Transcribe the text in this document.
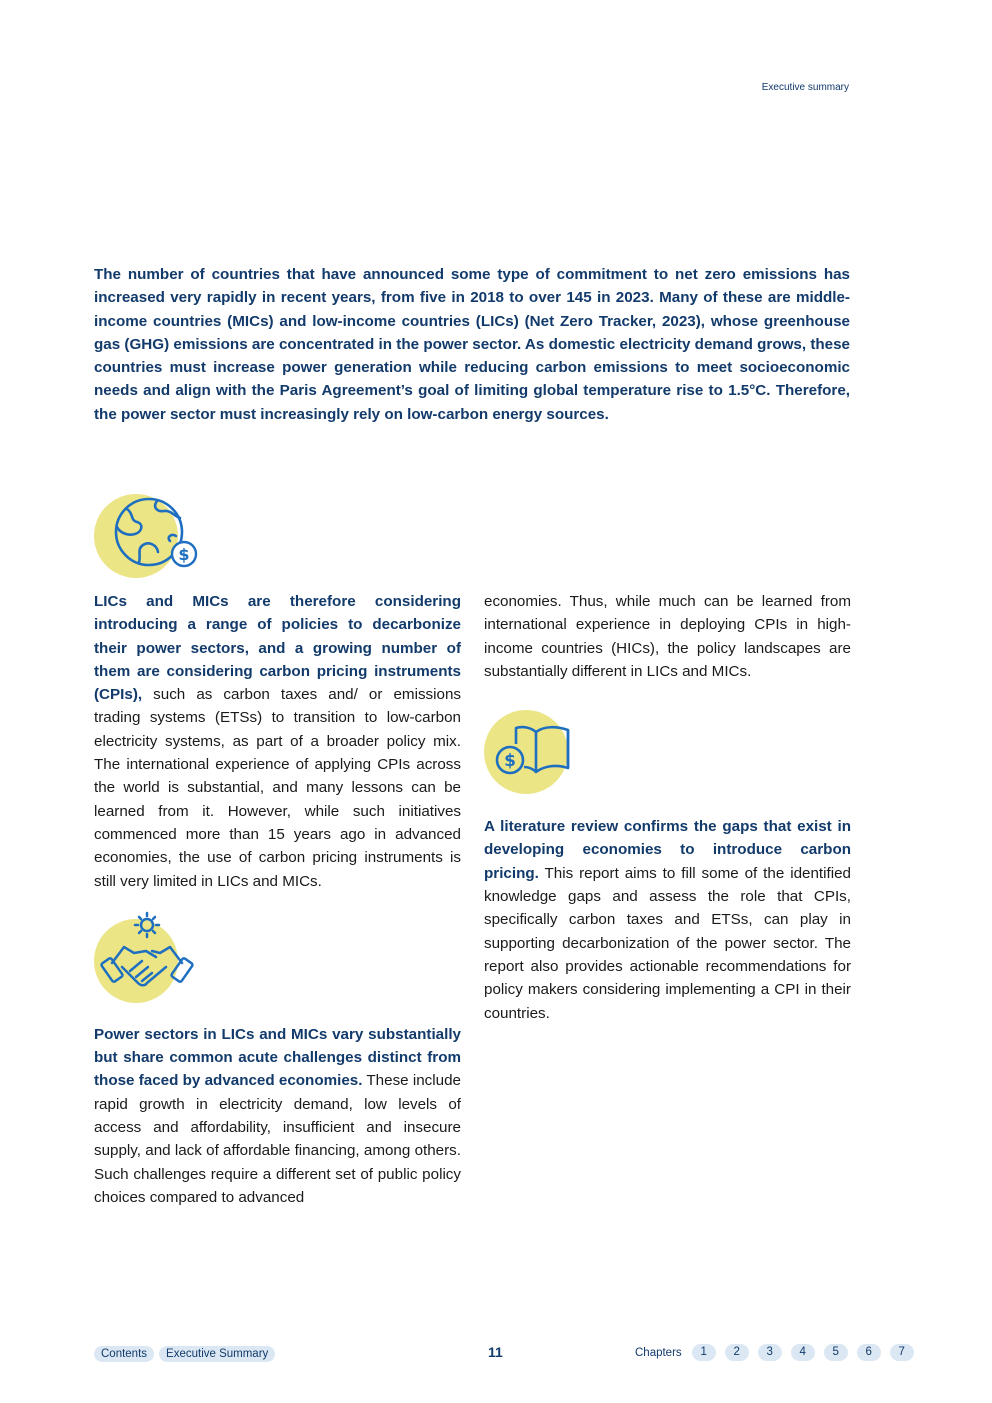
Executive summary

The number of countries that have announced some type of commitment to net zero emissions has increased very rapidly in recent years, from five in 2018 to over 145 in 2023. Many of these are middle-income countries (MICs) and low-income countries (LICs) (Net Zero Tracker, 2023), whose greenhouse gas (GHG) emissions are concentrated in the power sector. As domestic electricity demand grows, these countries must increase power generation while reducing carbon emissions to meet socioeconomic needs and align with the Paris Agreement’s goal of limiting global temperature rise to 1.5°C. Therefore, the power sector must increasingly rely on low-carbon energy sources.

$

LICs and MICs are therefore considering introducing a range of policies to decarbonize their power sectors, and a growing number of them are considering carbon pricing instruments (CPIs), such as carbon taxes and/ or emissions trading systems (ETSs) to transition to low-carbon electricity systems, as part of a broader policy mix. The international experience of applying CPIs across the world is substantial, and many lessons can be learned from it. However, while such initiatives commenced more than 15 years ago in advanced economies, the use of carbon pricing instruments is still very limited in LICs and MICs.

Power sectors in LICs and MICs vary substantially but share common acute challenges distinct from those faced by advanced economies. These include rapid growth in electricity demand, low levels of access and affordability, insufficient and insecure supply, and lack of affordable financing, among others. Such challenges require a different set of public policy choices compared to advanced

economies. Thus, while much can be learned from international experience in deploying CPIs in high-income countries (HICs), the policy landscapes are substantially different in LICs and MICs.

$

A literature review confirms the gaps that exist in developing economies to introduce carbon pricing. This report aims to fill some of the identified knowledge gaps and assess the role that CPIs, specifically carbon taxes and ETSs, can play in supporting decarbonization of the power sector. The report also provides actionable recommendations for policy makers considering implementing a CPI in their countries.

Contents Executive Summary	11	Chapters	1	2	3	4	5	6	7
